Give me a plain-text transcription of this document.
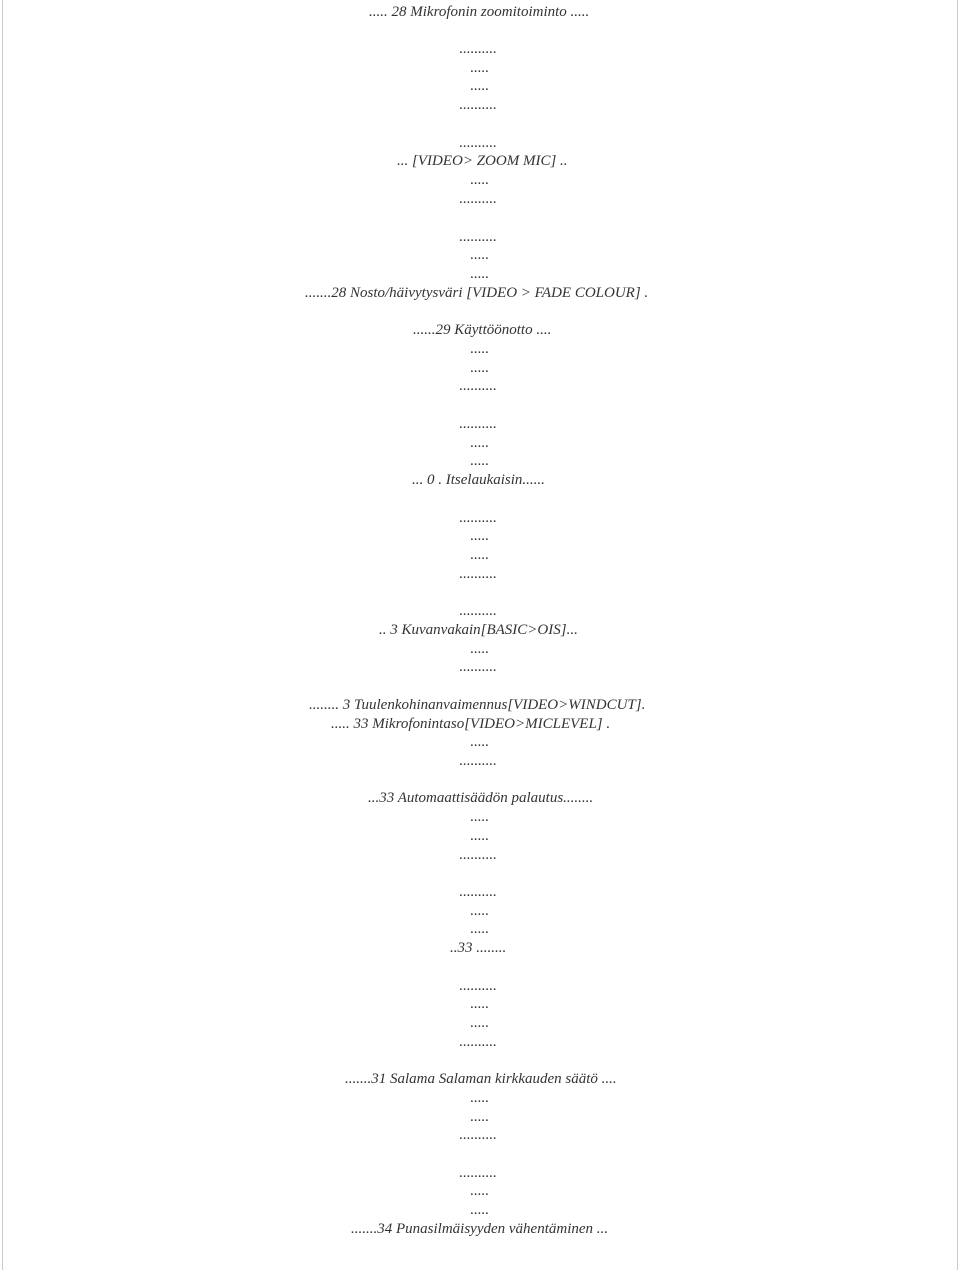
..... 28 Mikrofonin zoomitoiminto .....
..........
.....
.....
..........
..........
... [VIDEO> ZOOM MIC] ..
.....
..........
..........
.....
.....
.......28 Nosto/häivytysväri [VIDEO > FADE COLOUR] .
......29 Käyttöönotto ....
.....
.....
..........
..........
.....
.....
... 0 . Itselaukaisin......
..........
.....
.....
..........
..........
.. 3 Kuvanvakain[BASIC>OIS]...
.....
..........
........ 3 Tuulenkohinanvaimennus[VIDEO>WINDCUT].
..... 33 Mikrofonintaso[VIDEO>MICLEVEL] .
.....
..........
...33 Automaattisäädön palautus........
.....
.....
..........
..........
.....
.....
..33 ........
..........
.....
.....
..........
.......31 Salama Salaman kirkkauden säätö ....
.....
.....
..........
..........
.....
.....
.......34 Punasilmäisyyden vähentäminen ...
